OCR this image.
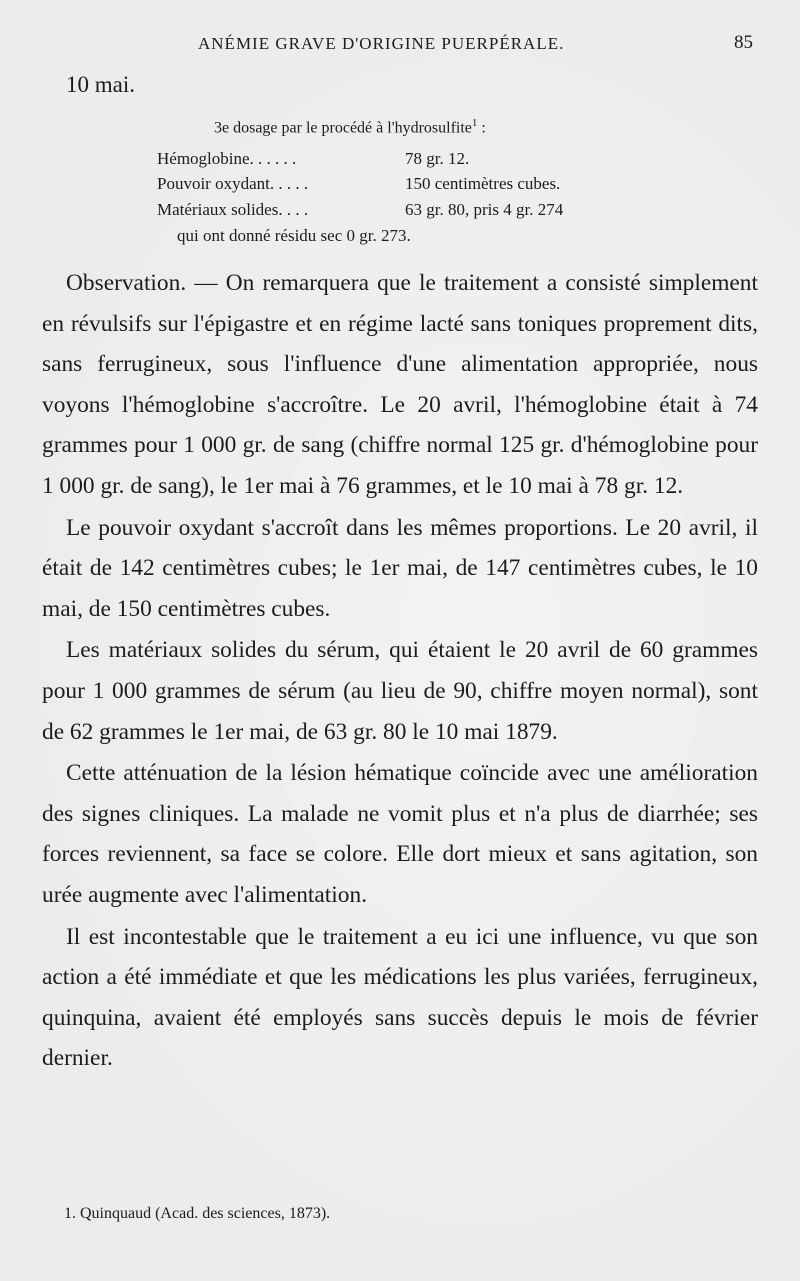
ANÉMIE GRAVE D'ORIGINE PUERPÉRALE.	85
10 mai.
3e dosage par le procédé à l'hydrosulfite$^1$ :
Hémoglobine. . . . . .	78 gr. 12.
Pouvoir oxydant. . . . .	150 centimètres cubes.
Matériaux solides. . . .	63 gr. 80, pris 4 gr. 274
qui ont donné résidu sec 0 gr. 273.

Observation. — On remarquera que le traitement a consisté simplement en révulsifs sur l'épigastre et en régime lacté sans toniques proprement dits, sans ferrugineux, sous l'influence d'une alimentation appropriée, nous voyons l'hémoglobine s'accroître. Le 20 avril, l'hémoglobine était à 74 grammes pour 1 000 gr. de sang (chiffre normal 125 gr. d'hémoglobine pour 1 000 gr. de sang), le 1er mai à 76 grammes, et le 10 mai à 78 gr. 12.

Le pouvoir oxydant s'accroît dans les mêmes proportions. Le 20 avril, il était de 142 centimètres cubes; le 1er mai, de 147 centimètres cubes, le 10 mai, de 150 centimètres cubes.

Les matériaux solides du sérum, qui étaient le 20 avril de 60 grammes pour 1 000 grammes de sérum (au lieu de 90, chiffre moyen normal), sont de 62 grammes le 1er mai, de 63 gr. 80 le 10 mai 1879.

Cette atténuation de la lésion hématique coïncide avec une amélioration des signes cliniques. La malade ne vomit plus et n'a plus de diarrhée; ses forces reviennent, sa face se colore. Elle dort mieux et sans agitation, son urée augmente avec l'alimentation.

Il est incontestable que le traitement a eu ici une influence, vu que son action a été immédiate et que les médications les plus variées, ferrugineux, quinquina, avaient été employés sans succès depuis le mois de février dernier.

1. Quinquaud (Acad. des sciences, 1873).
